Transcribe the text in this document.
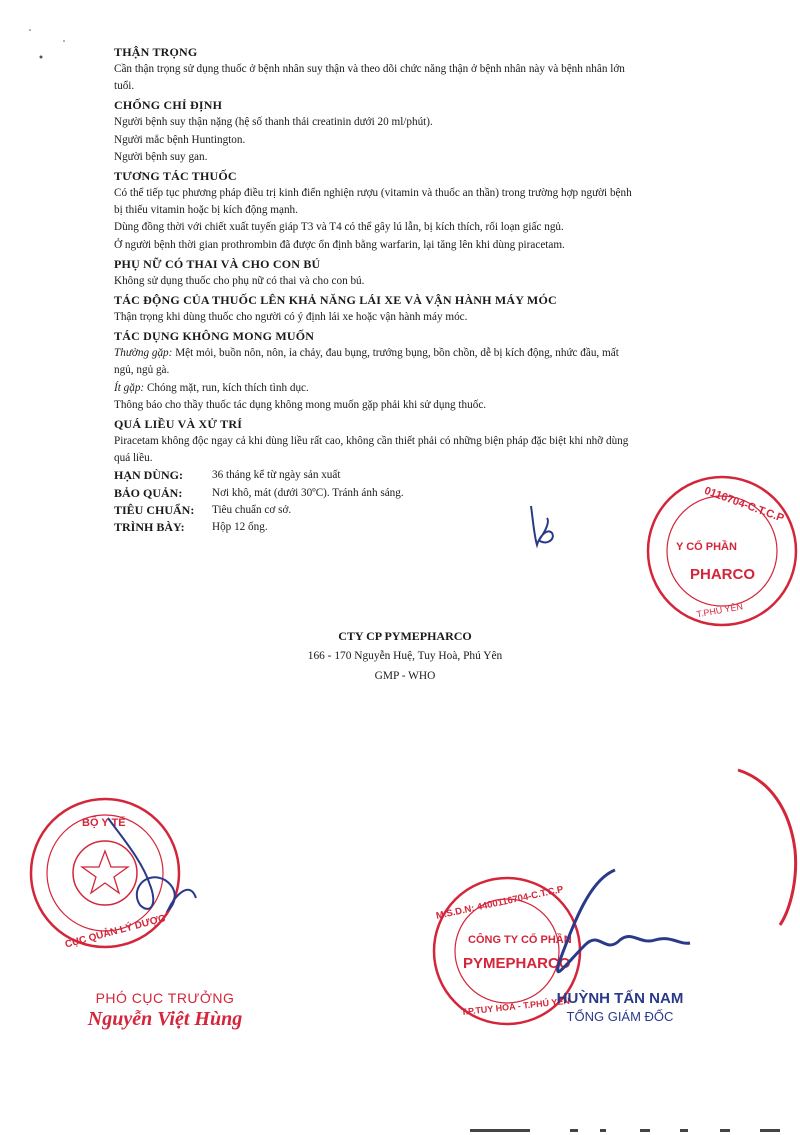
THẬN TRỌNG

Cần thận trọng sử dụng thuốc ở bệnh nhân suy thận và theo dõi chức năng thận ở bệnh nhân này và bệnh nhân lớn

tuổi.

CHỐNG CHỈ ĐỊNH

Người bệnh suy thận nặng (hệ số thanh thải creatinin dưới 20 ml/phút).

Người mắc bệnh Huntington.

Người bệnh suy gan.

TƯƠNG TÁC THUỐC

Có thể tiếp tục phương pháp điều trị kinh điển nghiện rượu (vitamin và thuốc an thần) trong trường hợp người bệnh

bị thiếu vitamin hoặc bị kích động mạnh.

Dùng đồng thời với chiết xuất tuyến giáp T3 và T4 có thể gây lú lẫn, bị kích thích, rối loạn giấc ngủ.

Ở người bệnh thời gian prothrombin đã được ổn định bằng warfarin, lại tăng lên khi dùng piracetam.

PHỤ NỮ CÓ THAI VÀ CHO CON BÚ

Không sử dụng thuốc cho phụ nữ có thai và cho con bú.

TÁC ĐỘNG CỦA THUỐC LÊN KHẢ NĂNG LÁI XE VÀ VẬN HÀNH MÁY MÓC

Thận trọng khi dùng thuốc cho người có ý định lái xe hoặc vận hành máy móc.

TÁC DỤNG KHÔNG MONG MUỐN

Thường gặp: Mệt mỏi, buồn nôn, nôn, ỉa chảy, đau bụng, trướng bụng, bồn chồn, dễ bị kích động, nhức đầu, mất

ngủ, ngủ gà.

Ít gặp: Chóng mặt, run, kích thích tình dục.

Thông báo cho thầy thuốc tác dụng không mong muốn gặp phải khi sử dụng thuốc.

QUÁ LIỀU VÀ XỬ TRÍ

Piracetam không độc ngay cả khi dùng liều rất cao, không cần thiết phải có những biện pháp đặc biệt khi nhỡ dùng

quá liều.

HẠN DÙNG:	36 tháng kể từ ngày sản xuất
BẢO QUẢN:	Nơi khô, mát (dưới 30ºC). Tránh ánh sáng.
TIÊU CHUẨN:	Tiêu chuẩn cơ sở.
TRÌNH BÀY:	Hộp 12 ống.
CTY CP PYMEPHARCO
166 - 170 Nguyễn Huệ, Tuy Hoà, Phú Yên
GMP - WHO
0116704-C.T.C.P
Y CỔ PHẦN
PHARCO
T.PHÚ YÊN
BỘ Y TẾ
CỤC QUẢN LÝ DƯỢC
M.S.D.N: 4400116704-C.T.C.P
CÔNG TY CỔ PHẦN
PYMEPHARCO
T.P.TUY HÒA - T.PHÚ YÊN
PHÓ CỤC TRƯỞNG
Nguyễn Việt Hùng
HUỲNH TẤN NAM
TỔNG GIÁM ĐỐC
